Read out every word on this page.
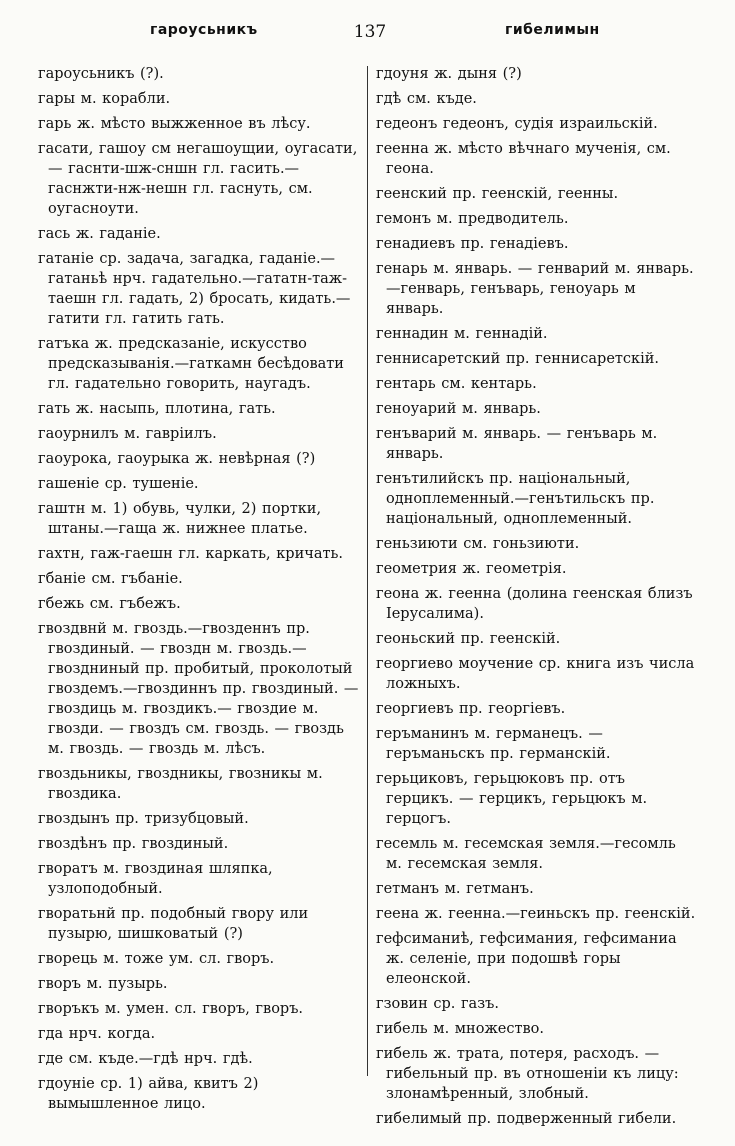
гароусьникъ	137	гибелимын

гароусьникъ (?).

гары м. корабли.

гарь ж. мѣсто выжженное въ лѣсу.

гасати, гашоу см негашоущии, оугасати,— гаснти-шж-сншн гл. гасить.— гаснжти-нж-нешн гл. гаснуть, см. оугаснoути.

гась ж. гаданіе.

гатаніе ср. задача, загадка, гаданіе.— гатаньѣ нрч. гадательно.—гататн-таж-таешн гл. гадать, 2) бросать, кидать.—гатити гл. гатить гать.

гатъка ж. предсказаніе, искусство предсказыванія.—гаткамн бесѣдовати гл. гадательно говорить, наугадъ.

гать ж. насыпь, плотина, гать.

гаоурнилъ м. гавріилъ.

гаоурока, гаоурыка ж. невѣрная (?)

гашеніе ср. тушеніе.

гаштн м. 1) обувь, чулки, 2) портки, штаны.—гаща ж. нижнее платье.

гахтн, гаж-гаешн гл. каркать, кричать.

гбаніе см. гъбаніе.

гбежь см. гъбежъ.

гвоздвнй м. гвоздь.—гвозденнъ пр. гвоздиный. — гвоздн м. гвоздь.— гвоздниный пр. пробитый, проколотый гвоздемъ.—гвоздиннъ пр. гвоздиный. — гвоздиць м. гвоздикъ.— гвоздие м. гвозди. — гвоздъ см. гвоздь. — гвоздь м. гвоздь. — гвоздь м. лѣсъ.

гвоздьникы, гвоздникы, гвозникы м. гвоздика.

гвоздынъ пр. тризубцовый.

гвоздѣнъ пр. гвоздиный.

гворатъ м. гвоздиная шляпка, узлоподобный.

гворатьнй пр. подобный гвору или пузырю, шишковатый (?)

гворець м. тоже ум. сл. гворъ.

гворъ м. пузырь.

гворъкъ м. умен. сл. гворъ, гворъ.

гда нрч. когда.

где см. къде.—гдѣ нрч. гдѣ.

гдоуніе ср. 1) айва, квитъ 2) вымышленное лицо.

гдоуня ж. дыня (?)

гдѣ см. къде.

гедеонъ гедеонъ, судія израильскій.

геенна ж. мѣсто вѣчнаго мученія, см. геона.

геенский пр. геенскій, геенны.

гемонъ м. предводитель.

генадиевъ пр. генадіевъ.

генарь м. январь. — генварий м. январь.—генварь, генъварь, геноуарь м январь.

геннадин м. геннадій.

геннисаретский пр. геннисаретскій.

гентарь см. кентарь.

геноуарий м. январь.

генъварий м. январь. — генъварь м. январь.

генътилийскъ пр. національный, одноплеменный.—генътильскъ пр. національный, одноплеменный.

геньзиюти см. гоньзиюти.

геометрия ж. геометрія.

геона ж. геенна (долина геенская близъ Іерусалима).

геоньский пр. геенскій.

георгиево моучение ср. книга изъ числа ложныхъ.

георгиевъ пр. георгіевъ.

геръманинъ м. германецъ. — геръманьскъ пр. германскій.

герьциковъ, герьцюковъ пр. отъ герцикъ. — герцикъ, герьцюкъ м. герцогъ.

гесемль м. гесемская земля.—гесомль м. гесемская земля.

гетманъ м. гетманъ.

геена ж. геенна.—геиньскъ пр. геенскій.

гефсиманиѣ, гефсимания, гефсиманиа ж. селеніе, при подошвѣ горы елеонской.

гзовин ср. газъ.

гибель м. множество.

гибель ж. трата, потеря, расходъ. — гибельный пр. въ отношеніи къ лицу: злонамѣренный, злобный.

гибелимый пр. подверженный гибели.
